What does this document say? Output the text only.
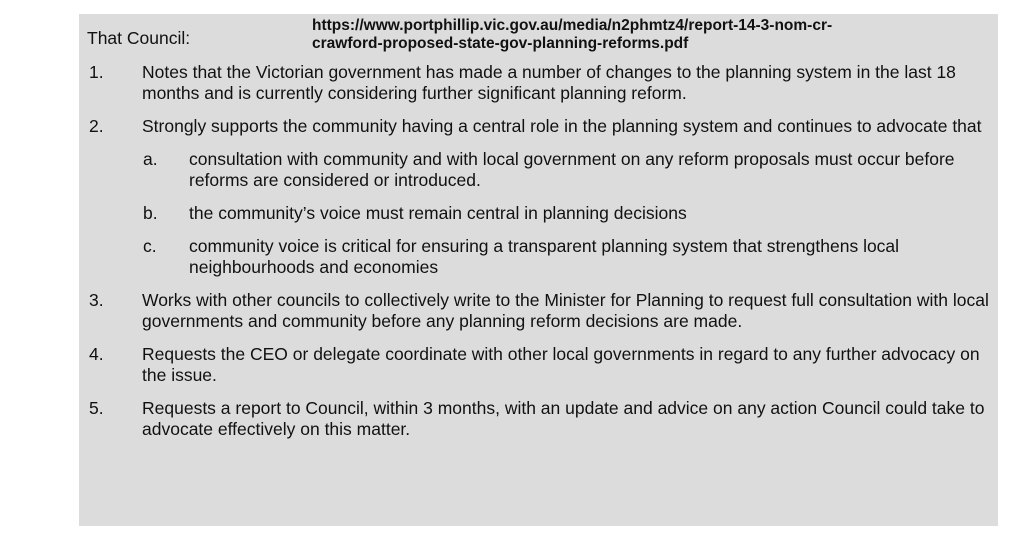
That Council:
https://www.portphillip.vic.gov.au/media/n2phmtz4/report-14-3-nom-cr-
crawford-proposed-state-gov-planning-reforms.pdf
1. Notes that the Victorian government has made a number of changes to the planning system in the last 18 months and is currently considering further significant planning reform.
2. Strongly supports the community having a central role in the planning system and continues to advocate that
a. consultation with community and with local government on any reform proposals must occur before reforms are considered or introduced.
b. the community’s voice must remain central in planning decisions
c. community voice is critical for ensuring a transparent planning system that strengthens local neighbourhoods and economies
3. Works with other councils to collectively write to the Minister for Planning to request full consultation with local governments and community before any planning reform decisions are made.
4. Requests the CEO or delegate coordinate with other local governments in regard to any further advocacy on the issue.
5. Requests a report to Council, within 3 months, with an update and advice on any action Council could take to advocate effectively on this matter.
